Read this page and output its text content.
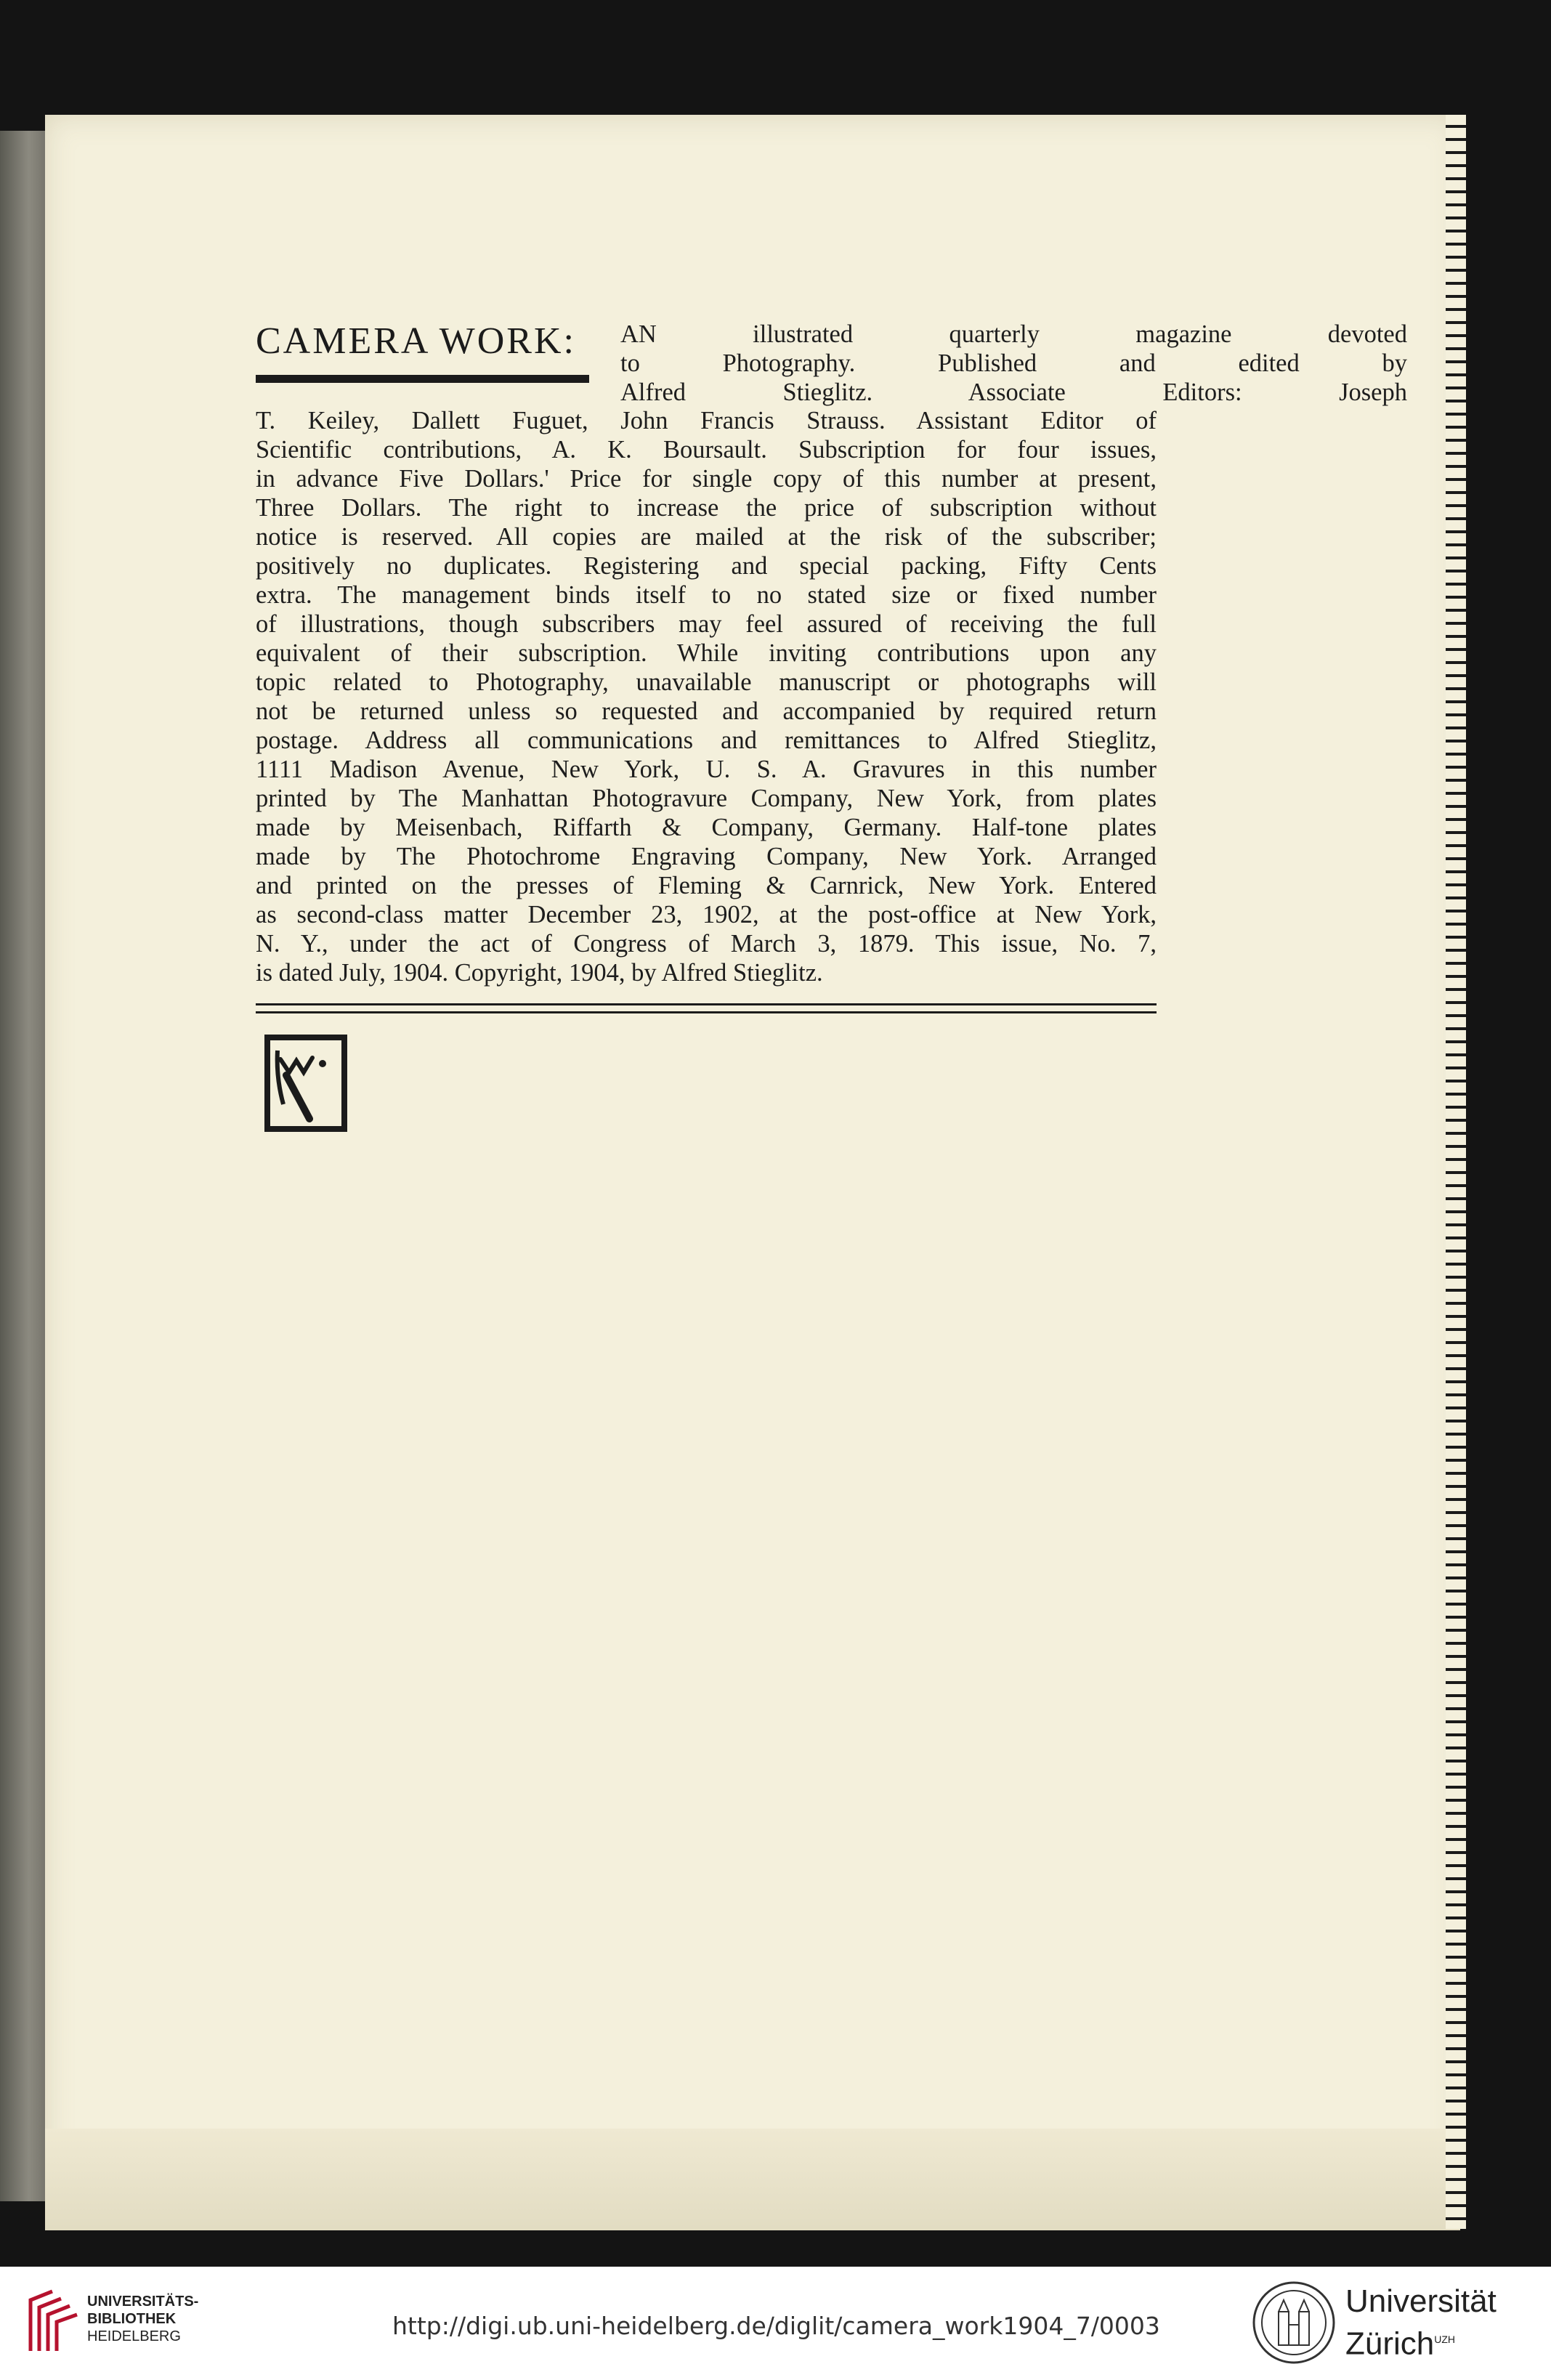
CAMERA WORK: AN illustrated quarterly magazine devoted
to Photography. Published and edited by
Alfred Stieglitz. Associate Editors: Joseph
T. Keiley, Dallett Fuguet, John Francis Strauss. Assistant Editor of
Scientific contributions, A. K. Boursault. Subscription for four issues,
in advance Five Dollars.' Price for single copy of this number at present,
Three Dollars. The right to increase the price of subscription without
notice is reserved. All copies are mailed at the risk of the subscriber;
positively no duplicates. Registering and special packing, Fifty Cents
extra. The management binds itself to no stated size or fixed number
of illustrations, though subscribers may feel assured of receiving the full
equivalent of their subscription. While inviting contributions upon any
topic related to Photography, unavailable manuscript or photographs will
not be returned unless so requested and accompanied by required return
postage. Address all communications and remittances to Alfred Stieglitz,
1111 Madison Avenue, New York, U. S. A. Gravures in this number
printed by The Manhattan Photogravure Company, New York, from plates
made by Meisenbach, Riffarth & Company, Germany. Half-tone plates
made by The Photochrome Engraving Company, New York. Arranged
and printed on the presses of Fleming & Carnrick, New York. Entered
as second-class matter December 23, 1902, at the post-office at New York,
N. Y., under the act of Congress of March 3, 1879. This issue, No. 7,
is dated July, 1904. Copyright, 1904, by Alfred Stieglitz.
UNIVERSITÄTS-
BIBLIOTHEK
HEIDELBERG	http://digi.ub.uni-heidelberg.de/diglit/camera_work1904_7/0003
Universität
Zürich$^{UZH}$
